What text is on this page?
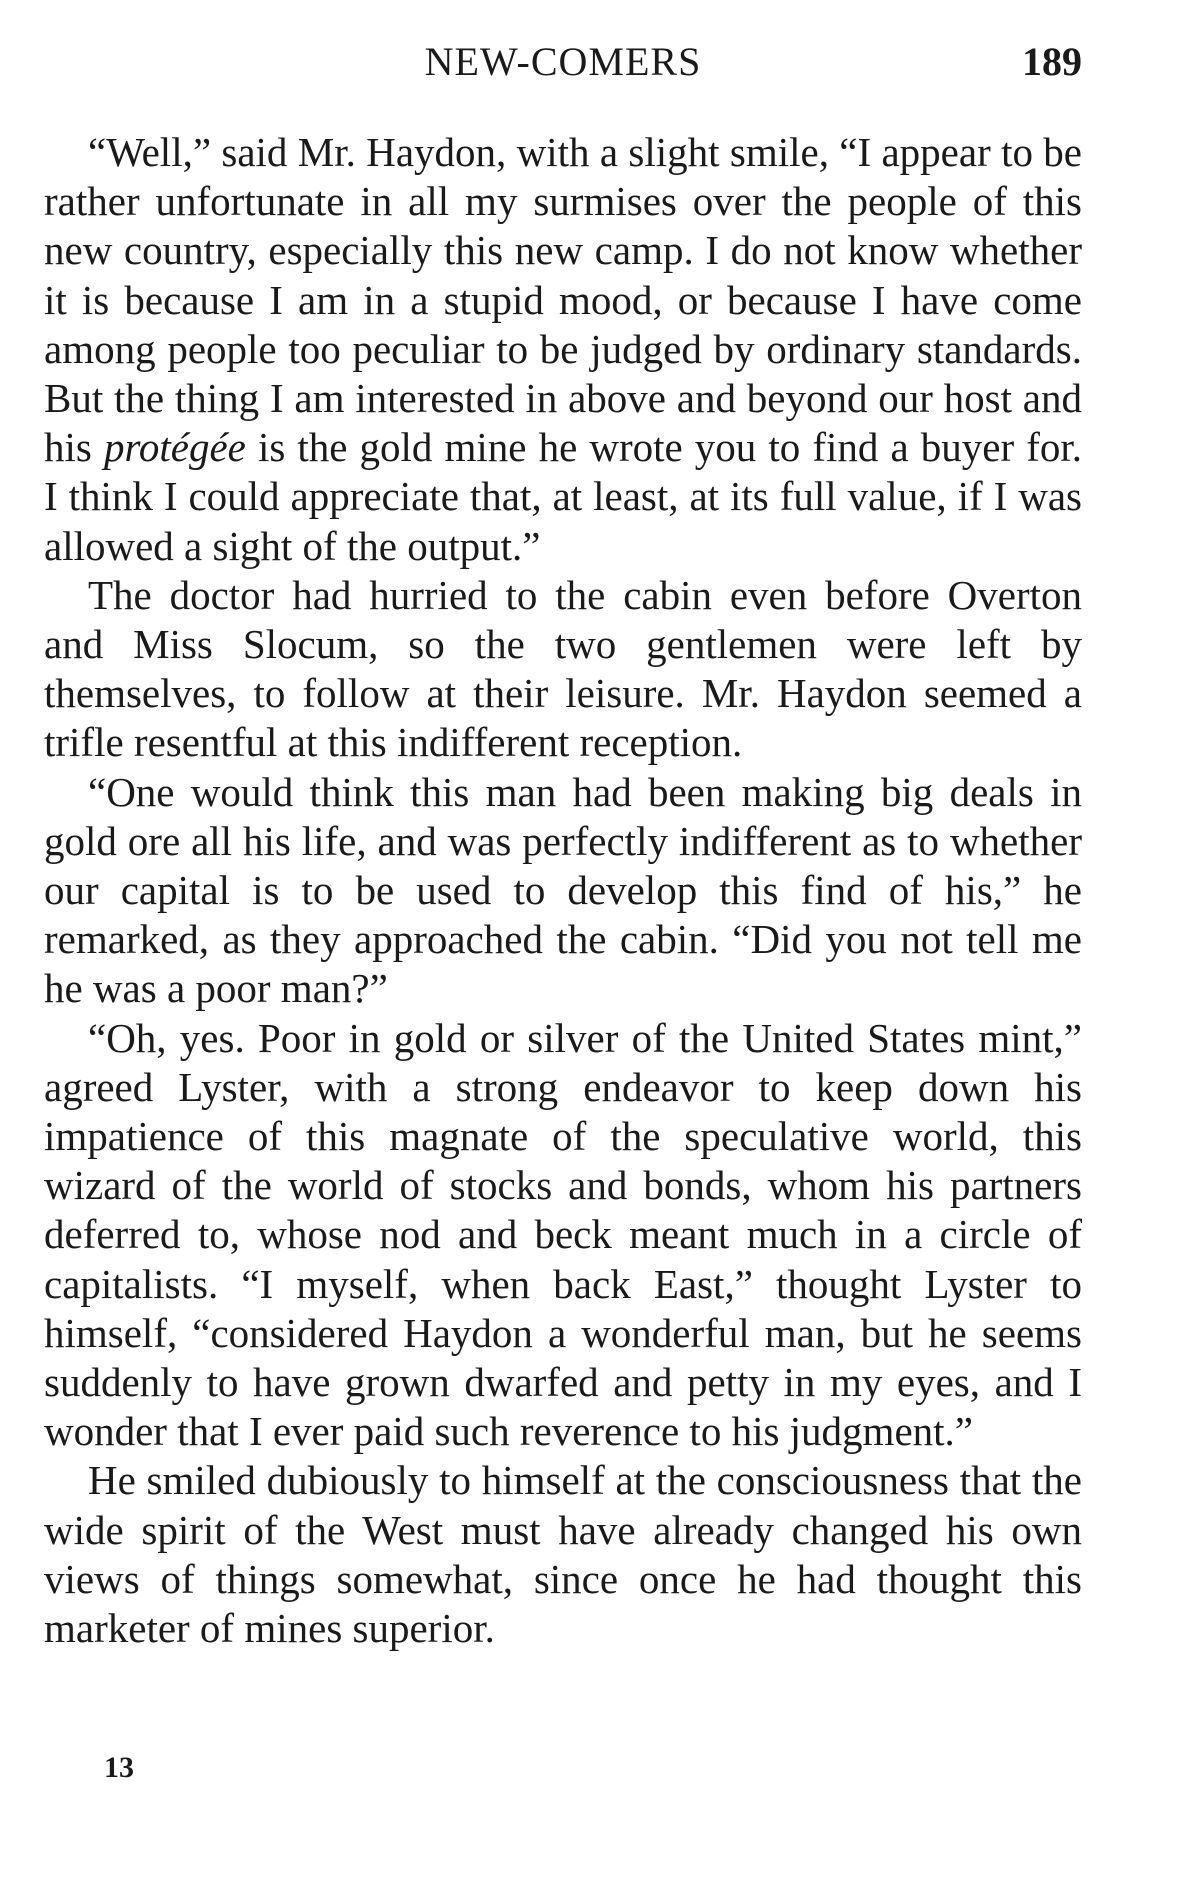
NEW-COMERS	189

“Well,” said Mr. Haydon, with a slight smile, “I appear to be rather unfortunate in all my surmises over the people of this new country, especially this new camp. I do not know whether it is because I am in a stupid mood, or because I have come among people too peculiar to be judged by ordinary standards. But the thing I am interested in above and beyond our host and his protégée is the gold mine he wrote you to find a buyer for. I think I could appreciate that, at least, at its full value, if I was allowed a sight of the output.”

The doctor had hurried to the cabin even before Overton and Miss Slocum, so the two gentlemen were left by themselves, to follow at their leisure. Mr. Haydon seemed a trifle resentful at this indifferent reception.

“One would think this man had been making big deals in gold ore all his life, and was perfectly indifferent as to whether our capital is to be used to develop this find of his,” he remarked, as they approached the cabin. “Did you not tell me he was a poor man?”

“Oh, yes. Poor in gold or silver of the United States mint,” agreed Lyster, with a strong endeavor to keep down his impatience of this magnate of the speculative world, this wizard of the world of stocks and bonds, whom his partners deferred to, whose nod and beck meant much in a circle of capitalists. “I myself, when back East,” thought Lyster to himself, “considered Haydon a wonderful man, but he seems suddenly to have grown dwarfed and petty in my eyes, and I wonder that I ever paid such reverence to his judgment.”

He smiled dubiously to himself at the consciousness that the wide spirit of the West must have already changed his own views of things somewhat, since once he had thought this marketer of mines superior.

13
